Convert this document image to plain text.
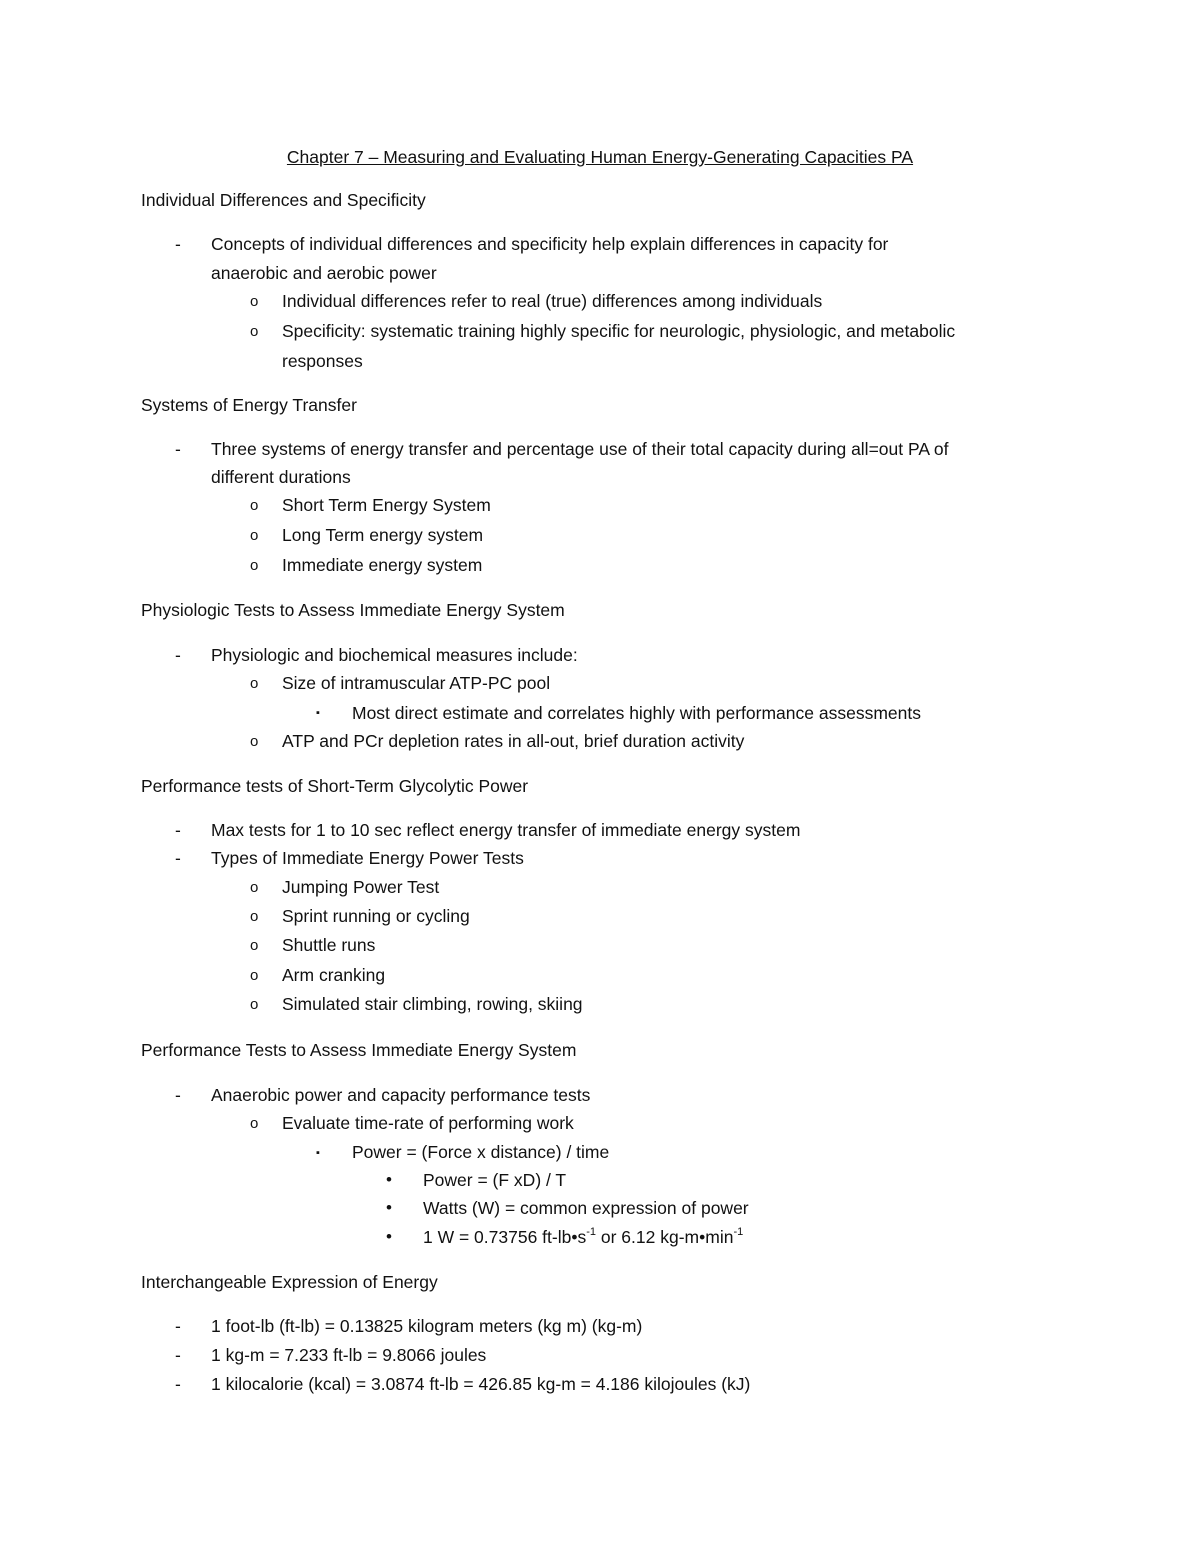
Chapter 7 – Measuring and Evaluating Human Energy-Generating Capacities PA
Individual Differences and Specificity
- Concepts of individual differences and specificity help explain differences in capacity for
anaerobic and aerobic power
o Individual differences refer to real (true) differences among individuals
o Specificity: systematic training highly specific for neurologic, physiologic, and metabolic
responses
Systems of Energy Transfer
- Three systems of energy transfer and percentage use of their total capacity during all=out PA of
different durations
o Short Term Energy System
o Long Term energy system
o Immediate energy system
Physiologic Tests to Assess Immediate Energy System
- Physiologic and biochemical measures include:
o Size of intramuscular ATP-PC pool
▪ Most direct estimate and correlates highly with performance assessments
o ATP and PCr depletion rates in all-out, brief duration activity
Performance tests of Short-Term Glycolytic Power
- Max tests for 1 to 10 sec reflect energy transfer of immediate energy system
- Types of Immediate Energy Power Tests
o Jumping Power Test
o Sprint running or cycling
o Shuttle runs
o Arm cranking
o Simulated stair climbing, rowing, skiing
Performance Tests to Assess Immediate Energy System
- Anaerobic power and capacity performance tests
o Evaluate time-rate of performing work
▪ Power = (Force x distance) / time
• Power = (F xD) / T
• Watts (W) = common expression of power
• 1 W = 0.73756 $ft-lb•s^{-1}$ or 6.12 $kg-m•\min^{-1}$
Interchangeable Expression of Energy
- 1 foot-lb (ft-lb) = 0.13825 kilogram meters (kg m) (kg-m)
- 1 kg-m = 7.233 ft-lb = 9.8066 joules
- 1 kilocalorie (kcal) = 3.0874 ft-lb = 426.85 kg-m = 4.186 kilojoules (kJ)
